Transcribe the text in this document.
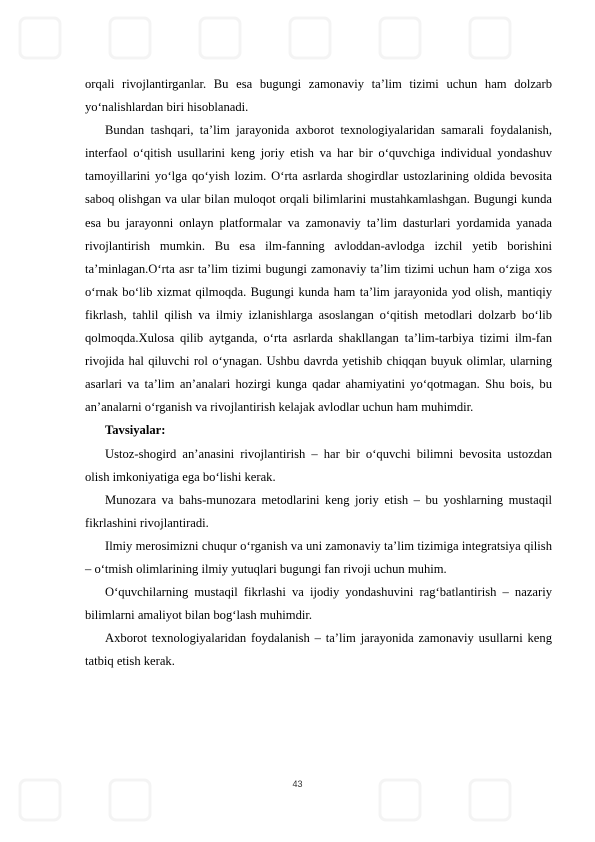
orqali rivojlantirganlar. Bu esa bugungi zamonaviy ta’lim tizimi uchun ham dolzarb yo‘nalishlardan biri hisoblanadi.

Bundan tashqari, ta’lim jarayonida axborot texnologiyalaridan samarali foydalanish, interfaol o‘qitish usullarini keng joriy etish va har bir o‘quvchiga individual yondashuv tamoyillarini yo‘lga qo‘yish lozim. O‘rta asrlarda shogirdlar ustozlarining oldida bevosita saboq olishgan va ular bilan muloqot orqali bilimlarini mustahkamlashgan. Bugungi kunda esa bu jarayonni onlayn platformalar va zamonaviy ta’lim dasturlari yordamida yanada rivojlantirish mumkin. Bu esa ilm-fanning avloddan-avlodga izchil yetib borishini ta’minlagan.O‘rta asr ta’lim tizimi bugungi zamonaviy ta’lim tizimi uchun ham o‘ziga xos o‘rnak bo‘lib xizmat qilmoqda. Bugungi kunda ham ta’lim jarayonida yod olish, mantiqiy fikrlash, tahlil qilish va ilmiy izlanishlarga asoslangan o‘qitish metodlari dolzarb bo‘lib qolmoqda.Xulosa qilib aytganda, o‘rta asrlarda shakllangan ta’lim-tarbiya tizimi ilm-fan rivojida hal qiluvchi rol o‘ynagan. Ushbu davrda yetishib chiqqan buyuk olimlar, ularning asarlari va ta’lim an’analari hozirgi kunga qadar ahamiyatini yo‘qotmagan. Shu bois, bu an’analarni o‘rganish va rivojlantirish kelajak avlodlar uchun ham muhimdir.

Tavsiyalar:

Ustoz-shogird an’anasini rivojlantirish – har bir o‘quvchi bilimni bevosita ustozdan olish imkoniyatiga ega bo‘lishi kerak.

Munozara va bahs-munozara metodlarini keng joriy etish – bu yoshlarning mustaqil fikrlashini rivojlantiradi.

Ilmiy merosimizni chuqur o‘rganish va uni zamonaviy ta’lim tizimiga integratsiya qilish – o‘tmish olimlarining ilmiy yutuqlari bugungi fan rivoji uchun muhim.

O‘quvchilarning mustaqil fikrlashi va ijodiy yondashuvini rag‘batlantirish – nazariy bilimlarni amaliyot bilan bog‘lash muhimdir.

Axborot texnologiyalaridan foydalanish – ta’lim jarayonida zamonaviy usullarni keng tatbiq etish kerak.

43
